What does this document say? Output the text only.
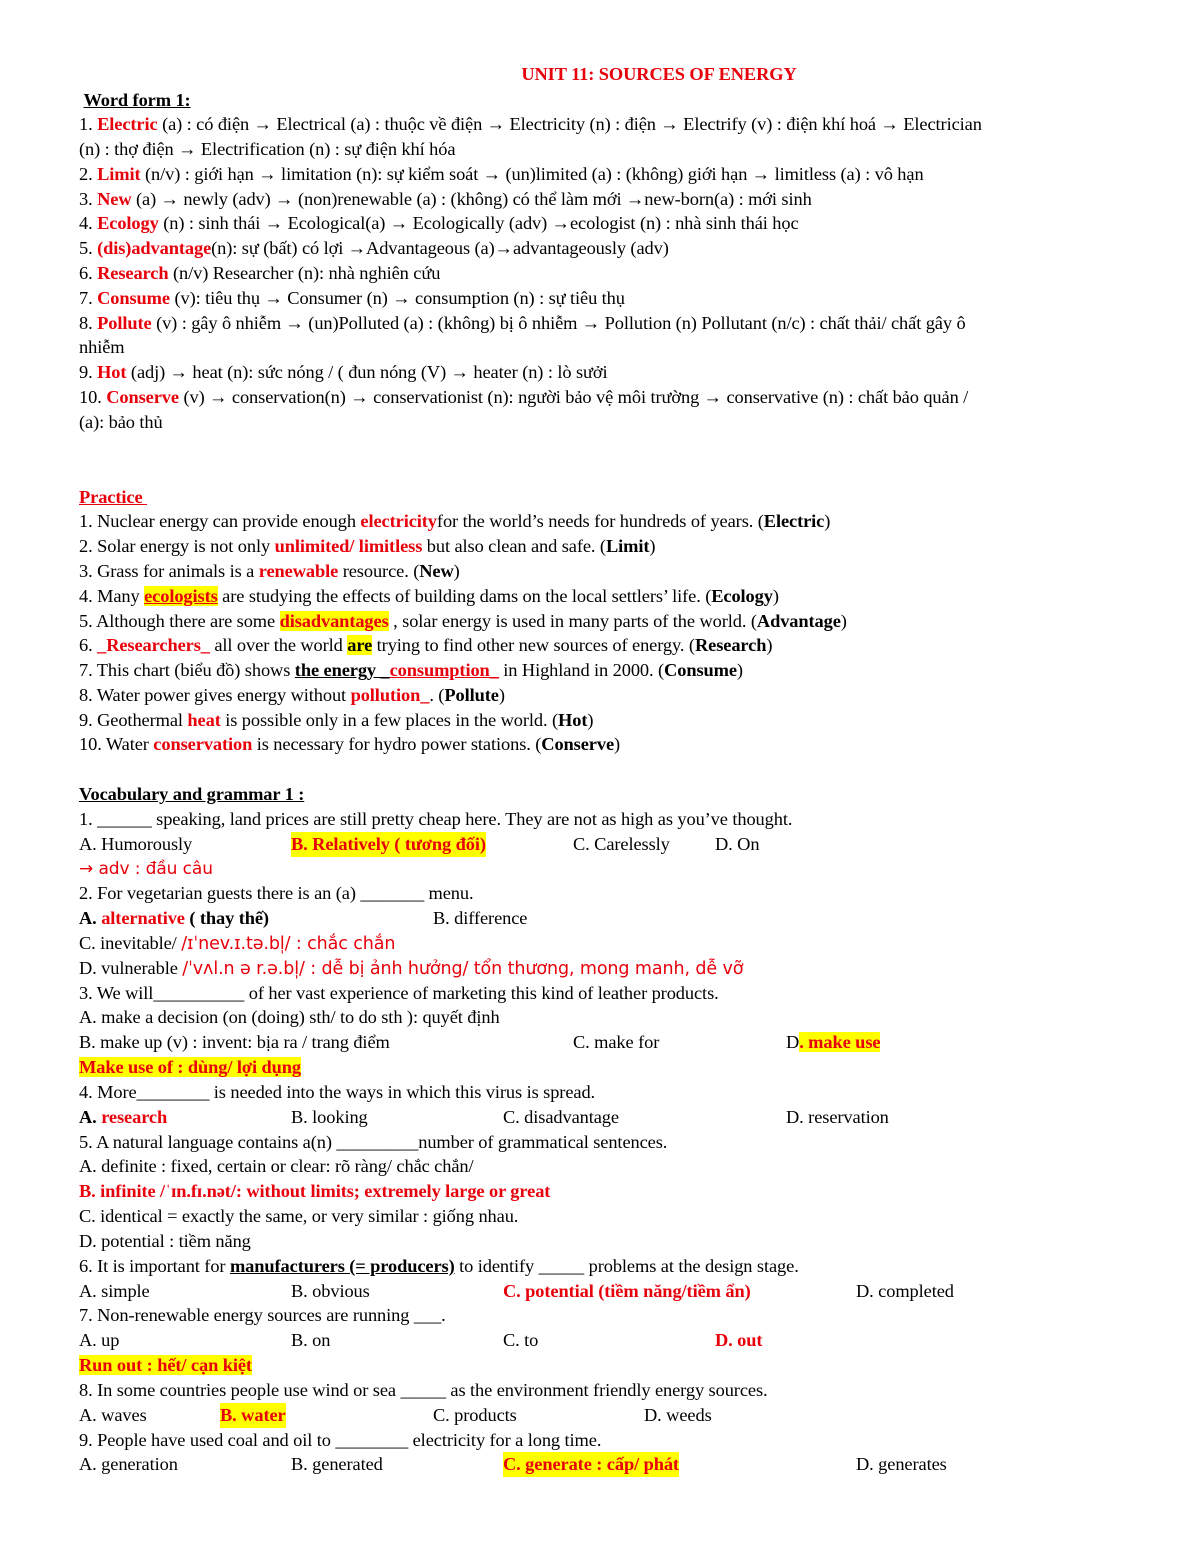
UNIT 11: SOURCES OF ENERGY
Word form 1:
1. Electric (a) : có điện → Electrical (a) : thuộc về điện → Electricity (n) : điện → Electrify (v) : điện khí hoá → Electrician
(n) : thợ điện → Electrification (n) : sự điện khí hóa
2. Limit (n/v) : giới hạn → limitation (n): sự kiểm soát → (un)limited (a) : (không) giới hạn → limitless (a) : vô hạn
3. New (a) → newly (adv) → (non)renewable (a) : (không) có thể làm mới →new-born(a) : mới sinh
4. Ecology (n) : sinh thái → Ecological(a) → Ecologically (adv) →ecologist (n) : nhà sinh thái học
5. (dis)advantage(n): sự (bất) có lợi →Advantageous (a)→advantageously (adv)
6. Research (n/v) Researcher (n): nhà nghiên cứu
7. Consume (v): tiêu thụ → Consumer (n) → consumption (n) : sự tiêu thụ
8. Pollute (v) : gây ô nhiễm → (un)Polluted (a) : (không) bị ô nhiễm → Pollution (n) Pollutant (n/c) : chất thải/ chất gây ô
nhiễm
9. Hot (adj) → heat (n): sức nóng / ( đun nóng (V) → heater (n) : lò sưởi
10. Conserve (v) → conservation(n) → conservationist (n): người bảo vệ môi trường → conservative (n) : chất bảo quản /
(a): bảo thủ
Practice
1. Nuclear energy can provide enough electricityfor the world’s needs for hundreds of years. (Electric)
2. Solar energy is not only unlimited/ limitless but also clean and safe. (Limit)
3. Grass for animals is a renewable resource. (New)
4. Many ecologists are studying the effects of building dams on the local settlers’ life. (Ecology)
5. Although there are some disadvantages , solar energy is used in many parts of the world. (Advantage)
6. _Researchers_ all over the world are trying to find other new sources of energy. (Research)
7. This chart (biểu đồ) shows the energy _consumption_ in Highland in 2000. (Consume)
8. Water power gives energy without pollution_. (Pollute)
9. Geothermal heat is possible only in a few places in the world. (Hot)
10. Water conservation is necessary for hydro power stations. (Conserve)
Vocabulary and grammar 1 :
1. ______ speaking, land prices are still pretty cheap here. They are not as high as you’ve thought.
A. Humorously	B. Relatively ( tương đối)	C. Carelessly D. On
→ adv : đầu câu
2. For vegetarian guests there is an (a) _______ menu.
A. alternative ( thay thế)	B. difference
C. inevitable/ /ɪˈnev.ɪ.tə.bl̩/ : chắc chắn
D. vulnerable /ˈvʌl.n ə r.ə.bl̩/ : dễ bị ảnh hưởng/ tổn thương, mong manh, dễ vỡ
3. We will__________ of her vast experience of marketing this kind of leather products.
A. make a decision (on (doing) sth/ to do sth ): quyết định
B. make up (v) : invent: bịa ra / trang điểm	C. make for	D. make use
Make use of : dùng/ lợi dụng
4. More________ is needed into the ways in which this virus is spread.
A. research	B. looking	C. disadvantage	D. reservation
5. A natural language contains a(n) _________number of grammatical sentences.
A. definite : fixed, certain or clear: rõ ràng/ chắc chắn/
B. infinite /ˈɪn.fɪ.nət/: without limits; extremely large or great
C. identical = exactly the same, or very similar : giống nhau.
D. potential : tiềm năng
6. It is important for manufacturers (= producers) to identify _____ problems at the design stage.
A. simple	B. obvious	C. potential (tiềm năng/tiềm ẩn)	D. completed
7. Non-renewable energy sources are running ___.
A. up	B. on	C. to	D. out
Run out : hết/ cạn kiệt
8. In some countries people use wind or sea _____ as the environment friendly energy sources.
A. waves	B. water	C. products	D. weeds
9. People have used coal and oil to ________ electricity for a long time.
A. generation	B. generated	C. generate : cấp/ phát	D. generates
